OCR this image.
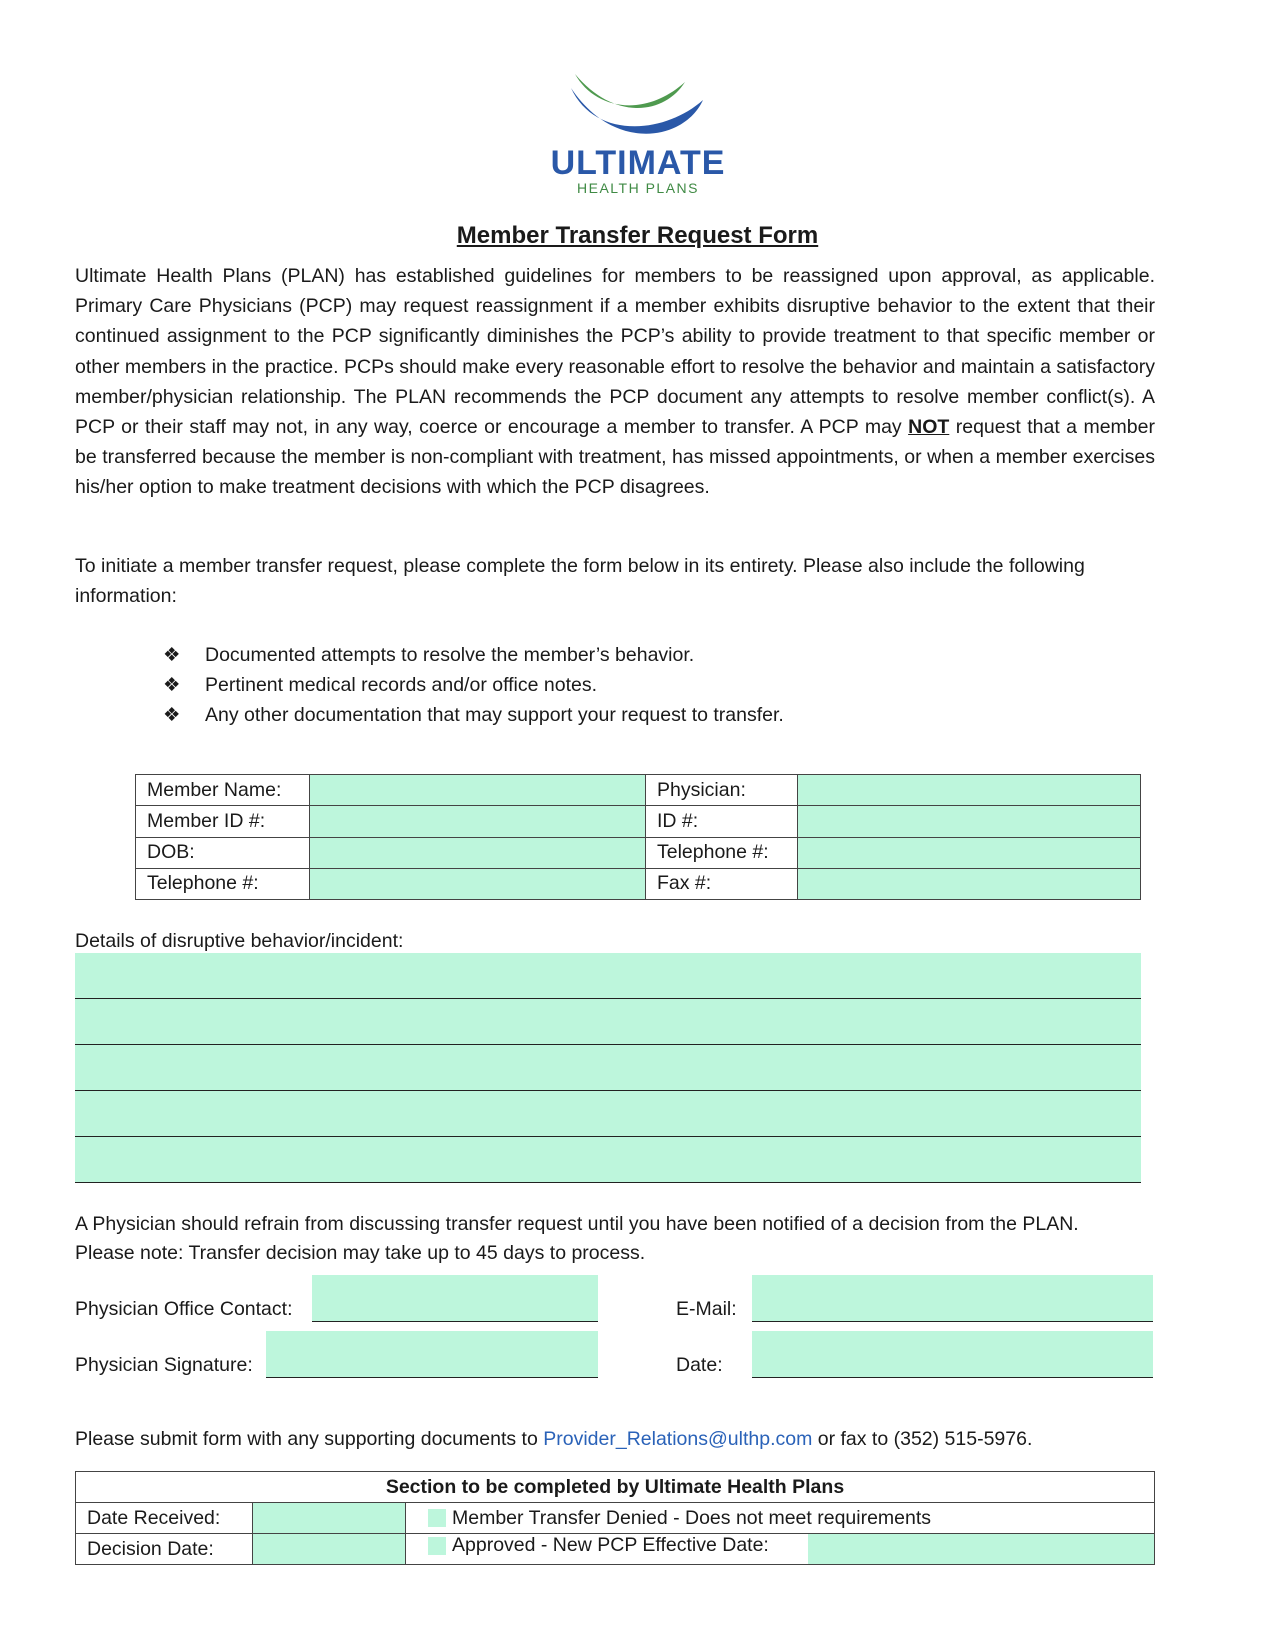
ULTIMATE
HEALTH PLANS
Member Transfer Request Form
Ultimate Health Plans (PLAN) has established guidelines for members to be reassigned upon approval, as applicable. Primary Care Physicians (PCP) may request reassignment if a member exhibits disruptive behavior to the extent that their continued assignment to the PCP significantly diminishes the PCP’s ability to provide treatment to that specific member or other members in the practice. PCPs should make every reasonable effort to resolve the behavior and maintain a satisfactory member/physician relationship. The PLAN recommends the PCP document any attempts to resolve member conflict(s). A PCP or their staff may not, in any way, coerce or encourage a member to transfer. A PCP may NOT request that a member be transferred because the member is non-compliant with treatment, has missed appointments, or when a member exercises his/her option to make treatment decisions with which the PCP disagrees.
To initiate a member transfer request, please complete the form below in its entirety. Please also include the following information:
❖	Documented attempts to resolve the member’s behavior.
❖	Pertinent medical records and/or office notes.
❖	Any other documentation that may support your request to transfer.
Member Name:		Physician:	
Member ID #:		ID #:	
DOB:		Telephone #:	
Telephone #:		Fax #:	
Details of disruptive behavior/incident:
A Physician should refrain from discussing transfer request until you have been notified of a decision from the PLAN.
Please note: Transfer decision may take up to 45 days to process.
Physician Office Contact:	E-Mail:
Physician Signature:	Date:
Please submit form with any supporting documents to Provider_Relations@ulthp.com or fax to (352) 515-5976.
Section to be completed by Ultimate Health Plans		
Date Received:		Member Transfer Denied - Does not meet requirements
Decision Date:		Approved - New PCP Effective Date:
